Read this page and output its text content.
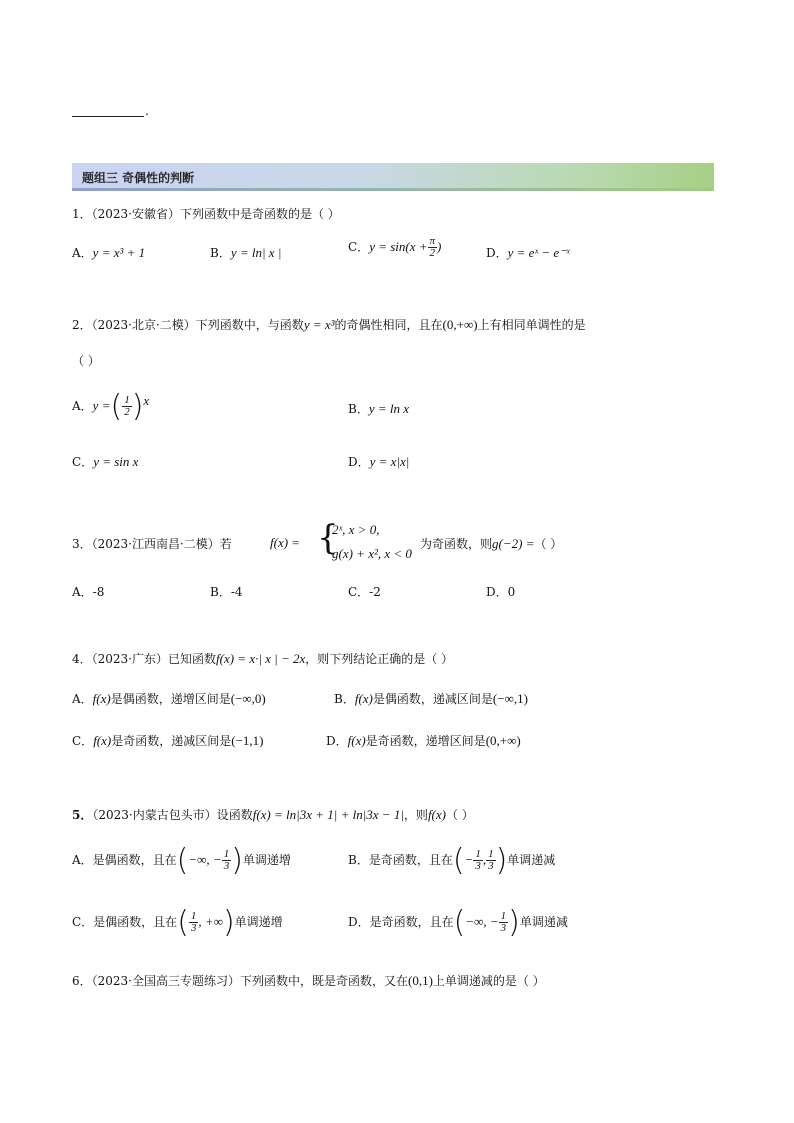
.
题组三 奇偶性的判断
1．（2023·安徽省）下列函数中是奇函数的是（ ）
A．y = x³ + 1	B．y = ln| x |	C．$y = \sin(x + \frac{\pi}{2}$ )	D．y = eˣ − e⁻ˣ
2．（2023·北京·二模）下列函数中，与函数y = x³的奇偶性相同，且在(0,+∞)上有相同单调性的是
（ ）
A．y =( $\frac{1}{2} )^x$
B．y = ln x
C．y = sin x	D．y = x|x|
3．（2023·江西南昌·二模）若	f(x) = {
2ˣ, x > 0,
g(x) + x², x < 0
为奇函数，则g(−2) =（ ）
A．-8	B．-4	C．-2	D．0
4．（2023·广东）已知函数f(x) = x·| x | − 2x，则下列结论正确的是（ ）
A．f(x)是偶函数，递增区间是(−∞,0)	B．f(x)是偶函数，递减区间是(−∞,1)
C．f(x)是奇函数，递减区间是(−1,1)	D．f(x)是奇函数，递增区间是(0,+∞)
5．（2023·内蒙古包头市）设函数f(x) = ln|3x + 1| + ln|3x − 1|，则f(x)（ ）
A．是偶函数，且在(−∞, − $\frac{1}{3}$ )单调递增	B．是奇函数，且在(− $\frac{1}{3}$ , $\frac{1}{3}$ )单调递减
C．是偶函数，且在( $\frac{1}{3}$ , +∞)单调递增	D．是奇函数，且在(−∞, − $\frac{1}{3}$ )单调递减
6．（2023·全国高三专题练习）下列函数中，既是奇函数，又在(0,1)上单调递减的是（ ）
